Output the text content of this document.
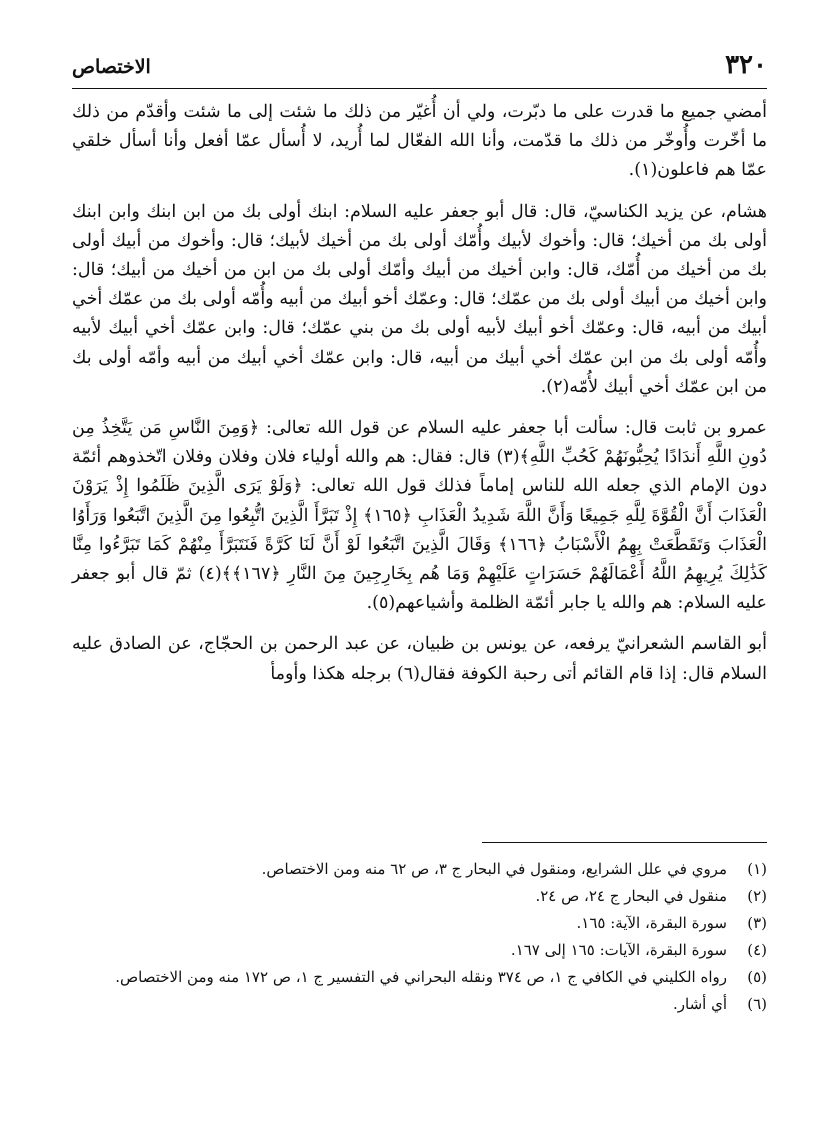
٣٢٠
الاختصاص

أمضي جميع ما قدرت على ما دبّرت، ولي أن أُغيّر من ذلك ما شئت إلى ما شئت وأقدّم من ذلك ما أخّرت وأُوخّر من ذلك ما قدّمت، وأنا الله الفعّال لما أُريد، لا أُسأل عمّا أفعل وأنا أسأل خلقي عمّا هم فاعلون(١).

هشام، عن يزيد الكناسيّ، قال: قال أبو جعفر عليه السلام: ابنك أولى بك من ابن ابنك وابن ابنك أولى بك من أخيك؛ قال: وأخوك لأبيك وأُمّك أولى بك من أخيك لأبيك؛ قال: وأخوك من أبيك أولى بك من أخيك من أُمّك، قال: وابن أخيك من أبيك وأمّك أولى بك من ابن من أخيك من أبيك؛ قال: وابن أخيك من أبيك أولى بك من عمّك؛ قال: وعمّك أخو أبيك من أبيه وأُمّه أولى بك من عمّك أخي أبيك من أبيه، قال: وعمّك أخو أبيك لأبيه أولى بك من بني عمّك؛ قال: وابن عمّك أخي أبيك لأبيه وأُمّه أولى بك من ابن عمّك أخي أبيك من أبيه، قال: وابن عمّك أخي أبيك من أبيه وأمّه أولى بك من ابن عمّك أخي أبيك لأُمّه(٢).

عمرو بن ثابت قال: سألت أبا جعفر عليه السلام عن قول الله تعالى: ﴿وَمِنَ النَّاسِ مَن يَتَّخِذُ مِن دُونِ اللَّهِ أَندَادًا يُحِبُّونَهُمْ كَحُبِّ اللَّهِ﴾(٣) قال: فقال: هم والله أولياء فلان وفلان وفلان اتّخذوهم أئمّة دون الإمام الذي جعله الله للناس إماماً فذلك قول الله تعالى: ﴿وَلَوْ يَرَى الَّذِينَ ظَلَمُوا إِذْ يَرَوْنَ الْعَذَابَ أَنَّ الْقُوَّةَ لِلَّهِ جَمِيعًا وَأَنَّ اللَّهَ شَدِيدُ الْعَذَابِ ﴿١٦٥﴾ إِذْ تَبَرَّأَ الَّذِينَ اتُّبِعُوا مِنَ الَّذِينَ اتَّبَعُوا وَرَأَوُا الْعَذَابَ وَتَقَطَّعَتْ بِهِمُ الْأَسْبَابُ ﴿١٦٦﴾ وَقَالَ الَّذِينَ اتَّبَعُوا لَوْ أَنَّ لَنَا كَرَّةً فَنَتَبَرَّأَ مِنْهُمْ كَمَا تَبَرَّءُوا مِنَّا كَذَٰلِكَ يُرِيهِمُ اللَّهُ أَعْمَالَهُمْ حَسَرَاتٍ عَلَيْهِمْ وَمَا هُم بِخَارِجِينَ مِنَ النَّارِ ﴿١٦٧﴾﴾(٤) ثمّ قال أبو جعفر عليه السلام: هم والله يا جابر أئمّة الظلمة وأشياعهم(٥).

أبو القاسم الشعرانيّ يرفعه، عن يونس بن ظبيان، عن عبد الرحمن بن الحجّاج، عن الصادق عليه السلام قال: إذا قام القائم أتى رحبة الكوفة فقال(٦) برجله هكذا وأومأ

(١)
مروي في علل الشرايع، ومنقول في البحار ج ٣، ص ٦٢ منه ومن الاختصاص.
(٢)
منقول في البحار ج ٢٤، ص ٢٤.
(٣)
سورة البقرة، الآية: ١٦٥.
(٤)
سورة البقرة، الآيات: ١٦٥ إلى ١٦٧.
(٥)
رواه الكليني في الكافي ج ١، ص ٣٧٤ ونقله البحراني في التفسير ج ١، ص ١٧٢ منه ومن الاختصاص.
(٦)
أي أشار.
